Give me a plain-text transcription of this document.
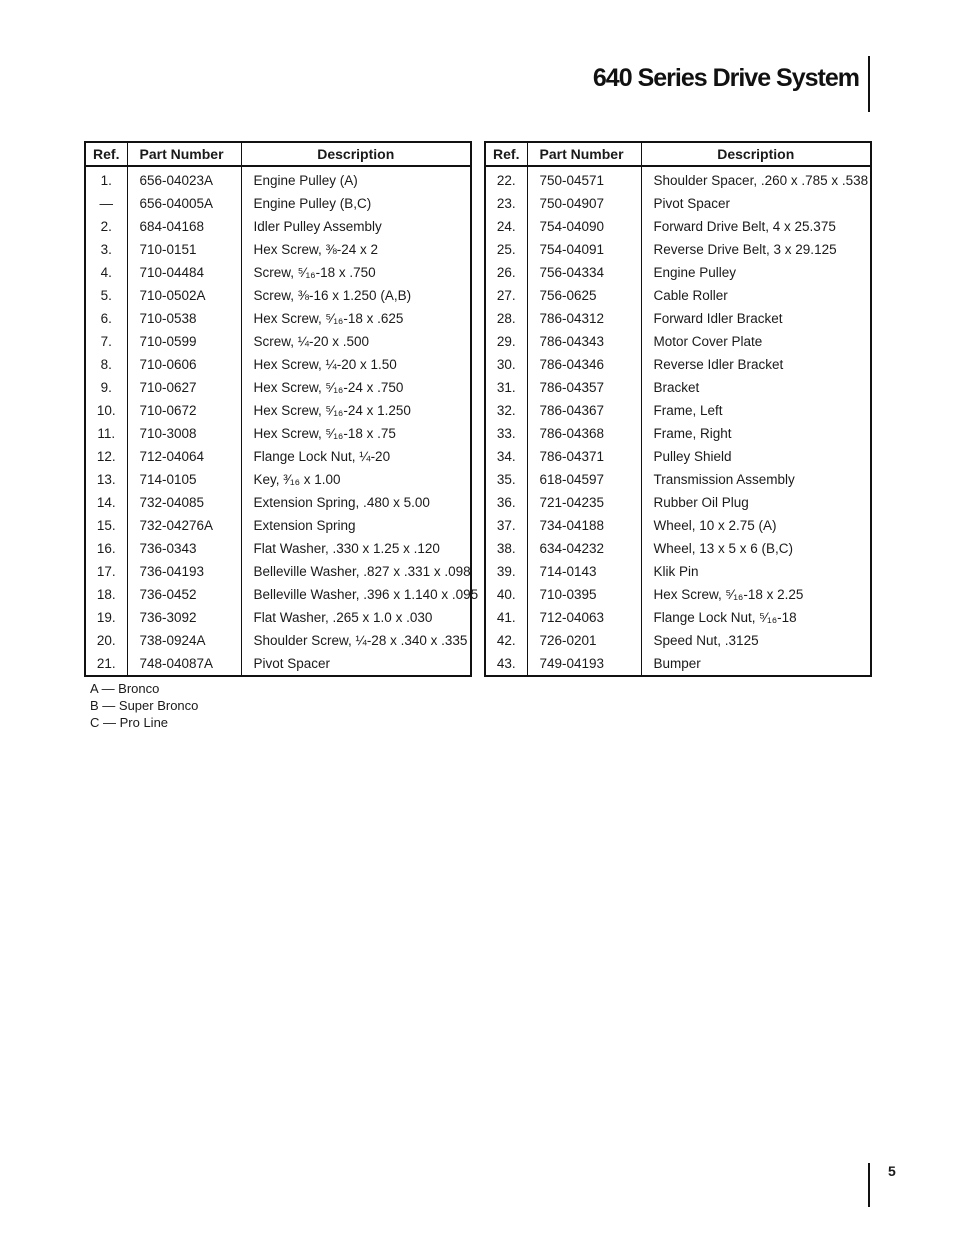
640 Series Drive System
Ref.	Part Number	Description
1.	656-04023A	Engine Pulley (A)
—	656-04005A	Engine Pulley (B,C)
2.	684-04168	Idler Pulley Assembly
3.	710-0151	Hex Screw, ⅜-24 x 2
4.	710-04484	Screw, ⁵⁄₁₆-18 x .750
5.	710-0502A	Screw, ⅜-16 x 1.250 (A,B)
6.	710-0538	Hex Screw, ⁵⁄₁₆-18 x .625
7.	710-0599	Screw, ¼-20 x .500
8.	710-0606	Hex Screw, ¼-20 x 1.50
9.	710-0627	Hex Screw, ⁵⁄₁₆-24 x .750
10.	710-0672	Hex Screw, ⁵⁄₁₆-24 x 1.250
11.	710-3008	Hex Screw, ⁵⁄₁₆-18 x .75
12.	712-04064	Flange Lock Nut, ¼-20
13.	714-0105	Key, ³⁄₁₆ x 1.00
14.	732-04085	Extension Spring, .480 x 5.00
15.	732-04276A	Extension Spring
16.	736-0343	Flat Washer, .330 x 1.25 x .120
17.	736-04193	Belleville Washer, .827 x .331 x .098
18.	736-0452	Belleville Washer, .396 x 1.140 x .095
19.	736-3092	Flat Washer, .265 x 1.0 x .030
20.	738-0924A	Shoulder Screw, ¼-28 x .340 x .335
21.	748-04087A	Pivot Spacer
Ref.	Part Number	Description
22.	750-04571	Shoulder Spacer, .260 x .785 x .538
23.	750-04907	Pivot Spacer
24.	754-04090	Forward Drive Belt, 4 x 25.375
25.	754-04091	Reverse Drive Belt, 3 x 29.125
26.	756-04334	Engine Pulley
27.	756-0625	Cable Roller
28.	786-04312	Forward Idler Bracket
29.	786-04343	Motor Cover Plate
30.	786-04346	Reverse Idler Bracket
31.	786-04357	Bracket
32.	786-04367	Frame, Left
33.	786-04368	Frame, Right
34.	786-04371	Pulley Shield
35.	618-04597	Transmission Assembly
36.	721-04235	Rubber Oil Plug
37.	734-04188	Wheel, 10 x 2.75 (A)
38.	634-04232	Wheel, 13 x 5 x 6 (B,C)
39.	714-0143	Klik Pin
40.	710-0395	Hex Screw, ⁵⁄₁₆-18 x 2.25
41.	712-04063	Flange Lock Nut, ⁵⁄₁₆-18
42.	726-0201	Speed Nut, .3125
43.	749-04193	Bumper
A — Bronco
B — Super Bronco
C — Pro Line
5
